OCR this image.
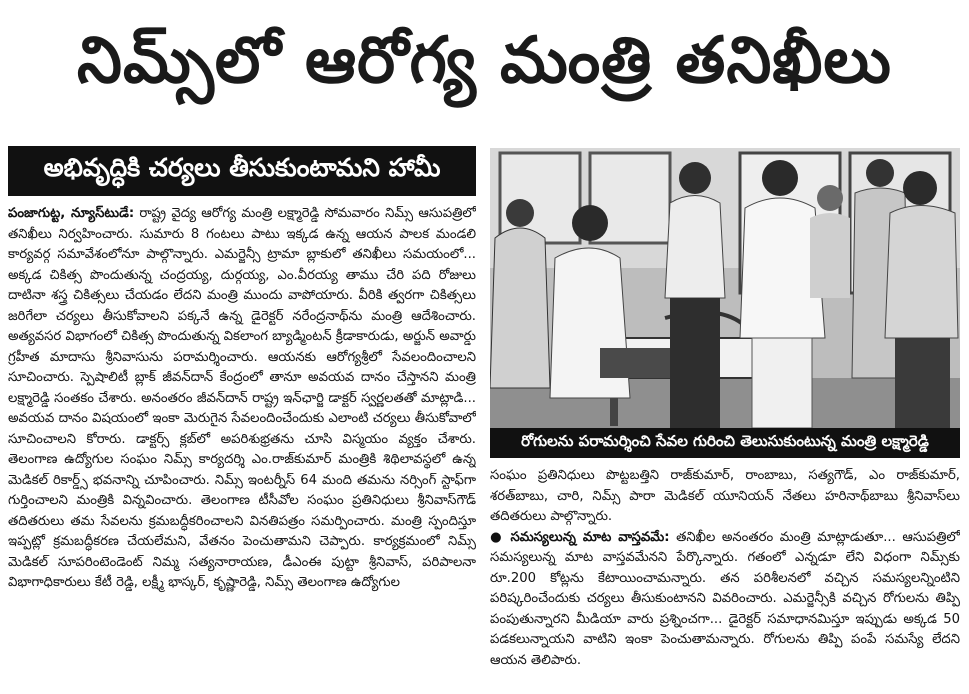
నిమ్స్‌లో ఆరోగ్య మంత్రి తనిఖీలు
అభివృద్ధికి చర్యలు తీసుకుంటామని హామీ

పంజాగుట్ట, న్యూస్‌టుడే: రాష్ట్ర వైద్య ఆరోగ్య మంత్రి లక్ష్మారెడ్డి సోమవారం నిమ్స్ ఆసుపత్రిలో తనిఖీలు నిర్వహించారు. సుమారు 8 గంటలు పాటు ఇక్కడ ఉన్న ఆయన పాలక మండలి కార్యవర్గ సమావేశంలోనూ పాల్గొన్నారు. ఎమర్జెన్సీ ట్రామా బ్లాకులో తనిఖీలు సమయంలో... అక్కడ చికిత్స పొందుతున్న చంద్రయ్య, దుర్గయ్య, ఎం.వీరయ్య తాము చేరి పది రోజులు దాటినా శస్త్ర చికిత్సలు చేయడం లేదని మంత్రి ముందు వాపోయారు. వీరికి త్వరగా చికిత్సలు జరిగేలా చర్యలు తీసుకోవాలని పక్కనే ఉన్న డైరెక్టర్ నరేంద్రనాథ్‌ను మంత్రి ఆదేశించారు. అత్యవసర విభాగంలో చికిత్స పొందుతున్న వికలాంగ బ్యాడ్మింటన్ క్రీడాకారుడు, అర్జున్ అవార్డు గ్రహీత మాదాసు శ్రీనివాసును పరామర్శించారు. ఆయనకు ఆరోగ్యశ్రీలో సేవలందించాలని సూచించారు. స్పెషాలిటీ బ్లాక్ జీవన్‌దాన్ కేంద్రంలో తానూ అవయవ దానం చేస్తానని మంత్రి లక్ష్మారెడ్డి సంతకం చేశారు. అనంతరం జీవన్‌దాన్ రాష్ట్ర ఇన్‌ఛార్జి డాక్టర్ స్వర్ణలతతో మాట్లాడి... అవయవ దానం విషయంలో ఇంకా మెరుగైన సేవలందించేందుకు ఎలాంటి చర్యలు తీసుకోవాలో సూచించాలని కోరారు. డాక్టర్స్ క్లబ్‌లో అపరిశుభ్రతను చూసి విస్మయం వ్యక్తం చేశారు. తెలంగాణ ఉద్యోగుల సంఘం నిమ్స్ కార్యదర్శి ఎం.రాజ్‌కుమార్ మంత్రికి శిథిలావస్థలో ఉన్న మెడికల్ రికార్డ్స్ భవనాన్ని చూపించారు. నిమ్స్ ఇంటర్నీస్ 64 మంది తమను నర్సింగ్ స్టాఫ్‌గా గుర్తించాలని మంత్రికి విన్నవించారు. తెలంగాణ టీసీవోల సంఘం ప్రతినిధులు శ్రీనివాస్‌గౌడ్ తదితరులు తమ సేవలను క్రమబద్ధీకరించాలని వినతిపత్రం సమర్పించారు. మంత్రి స్పందిస్తూ ఇప్పట్లో క్రమబద్ధీకరణ చేయలేమని, వేతనం పెంచుతామని చెప్పారు. కార్యక్రమంలో నిమ్స్ మెడికల్ సూపరింటెండెంట్ నిమ్మ సత్యనారాయణ, డీఎంఈ పుట్టా శ్రీనివాస్, పరిపాలనా విభాగాధికారులు కేటీ రెడ్డి, లక్ష్మీ భాస్కర్, కృష్ణారెడ్డి, నిమ్స్ తెలంగాణ ఉద్యోగుల

రోగులను పరామర్శించి సేవల గురించి తెలుసుకుంటున్న మంత్రి లక్ష్మారెడ్డి

సంఘం ప్రతినిధులు పొట్టబత్తిని రాజ్‌కుమార్, రాంబాబు, సత్యగౌడ్, ఎం రాజ్‌కుమార్, శరత్‌బాబు, చారి, నిమ్స్ పారా మెడికల్ యూనియన్ నేతలు హరినాథ్‌బాబు శ్రీనివాస్‌లు తదితరులు పాల్గొన్నారు.

● సమస్యలున్న మాట వాస్తవమే: తనిఖీల అనంతరం మంత్రి మాట్లాడుతూ... ఆసుపత్రిలో సమస్యలున్న మాట వాస్తవమేనని పేర్కొన్నారు. గతంలో ఎన్నడూ లేని విధంగా నిమ్స్‌కు రూ.200 కోట్లను కేటాయించామన్నారు. తన పరిశీలనలో వచ్చిన సమస్యలన్నింటిని పరిష్కరించేందుకు చర్యలు తీసుకుంటానని వివరించారు. ఎమర్జెన్సీకి వచ్చిన రోగులను తిప్పి పంపుతున్నారని మీడియా వారు ప్రశ్నించగా... డైరెక్టర్ సమాధానమిస్తూ ఇప్పుడు అక్కడ 50 పడకలున్నాయని వాటిని ఇంకా పెంచుతామన్నారు. రోగులను తిప్పి పంపే సమస్యే లేదని ఆయన తెలిపారు.
